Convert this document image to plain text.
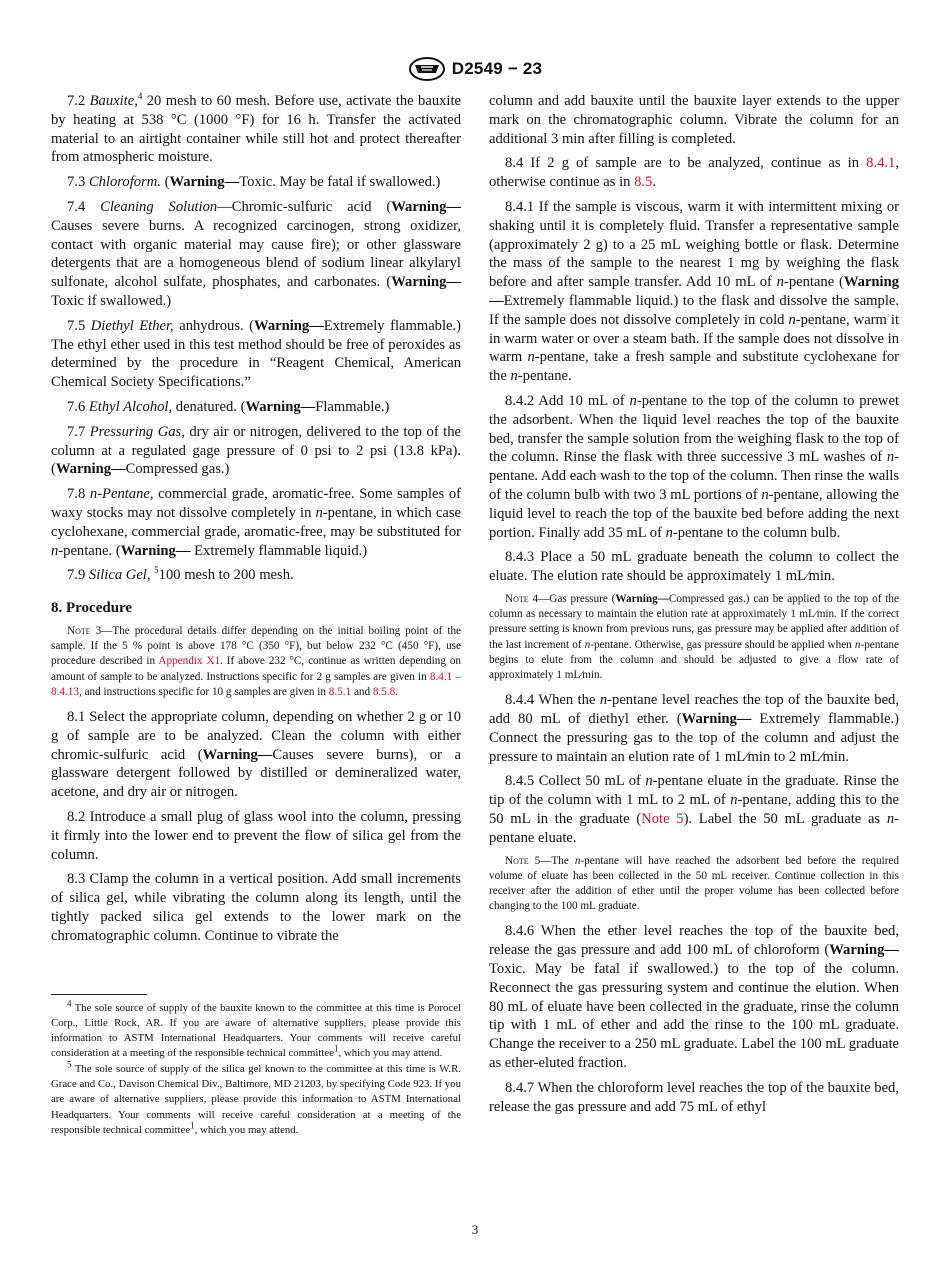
D2549 − 23

7.2 Bauxite,$^4$ 20 mesh to 60 mesh. Before use, activate the bauxite by heating at 538 °C (1000 °F) for 16 h. Transfer the activated material to an airtight container while still hot and protect thereafter from atmospheric moisture.

7.3 Chloroform. (Warning—Toxic. May be fatal if swallowed.)

7.4 Cleaning Solution—Chromic-sulfuric acid (Warning— Causes severe burns. A recognized carcinogen, strong oxidizer, contact with organic material may cause fire); or other glassware detergents that are a homogeneous blend of sodium linear alkylaryl sulfonate, alcohol sulfate, phosphates, and carbonates. (Warning—Toxic if swallowed.)

7.5 Diethyl Ether, anhydrous. (Warning—Extremely flammable.) The ethyl ether used in this test method should be free of peroxides as determined by the procedure in “Reagent Chemical, American Chemical Society Specifications.”

7.6 Ethyl Alcohol, denatured. (Warning—Flammable.)

7.7 Pressuring Gas, dry air or nitrogen, delivered to the top of the column at a regulated gage pressure of 0 psi to 2 psi (13.8 kPa). (Warning—Compressed gas.)

7.8 n-Pentane, commercial grade, aromatic-free. Some samples of waxy stocks may not dissolve completely in n-pentane, in which case cyclohexane, commercial grade, aromatic-free, may be substituted for n-pentane. (Warning— Extremely flammable liquid.)

7.9 Silica Gel, $^5$100 mesh to 200 mesh.

8. Procedure
Note 3—The procedural details differ depending on the initial boiling point of the sample. If the 5 % point is above 178 °C (350 °F), but below 232 °C (450 °F), use procedure described in Appendix X1. If above 232 °C, continue as written depending on amount of sample to be analyzed. Instructions specific for 2 g samples are given in 8.4.1 – 8.4.13, and instructions specific for 10 g samples are given in 8.5.1 and 8.5.8.

8.1 Select the appropriate column, depending on whether 2 g or 10 g of sample are to be analyzed. Clean the column with either chromic-sulfuric acid (Warning—Causes severe burns), or a glassware detergent followed by distilled or demineralized water, acetone, and dry air or nitrogen.

8.2 Introduce a small plug of glass wool into the column, pressing it firmly into the lower end to prevent the flow of silica gel from the column.

8.3 Clamp the column in a vertical position. Add small increments of silica gel, while vibrating the column along its length, until the tightly packed silica gel extends to the lower mark on the chromatographic column. Continue to vibrate the

$^4$ The sole source of supply of the bauxite known to the committee at this time is Porocel Corp., Little Rock, AR. If you are aware of alternative suppliers, please provide this information to ASTM International Headquarters. Your comments will receive careful consideration at a meeting of the responsible technical committee$^1$, which you may attend.

$^5$ The sole source of supply of the silica gel known to the committee at this time is W.R. Grace and Co., Davison Chemical Div., Baltimore, MD 21203, by specifying Code 923. If you are aware of alternative suppliers, please provide this information to ASTM International Headquarters. Your comments will receive careful consideration at a meeting of the responsible technical committee$^1$, which you may attend.

column and add bauxite until the bauxite layer extends to the upper mark on the chromatographic column. Vibrate the column for an additional 3 min after filling is completed.

8.4 If 2 g of sample are to be analyzed, continue as in 8.4.1, otherwise continue as in 8.5.

8.4.1 If the sample is viscous, warm it with intermittent mixing or shaking until it is completely fluid. Transfer a representative sample (approximately 2 g) to a 25 mL weighing bottle or flask. Determine the mass of the sample to the nearest 1 mg by weighing the flask before and after sample transfer. Add 10 mL of n-pentane (Warning—Extremely flammable liquid.) to the flask and dissolve the sample. If the sample does not dissolve completely in cold n-pentane, warm it in warm water or over a steam bath. If the sample does not dissolve in warm n-pentane, take a fresh sample and substitute cyclohexane for the n-pentane.

8.4.2 Add 10 mL of n-pentane to the top of the column to prewet the adsorbent. When the liquid level reaches the top of the bauxite bed, transfer the sample solution from the weighing flask to the top of the column. Rinse the flask with three successive 3 mL washes of n-pentane. Add each wash to the top of the column. Then rinse the walls of the column bulb with two 3 mL portions of n-pentane, allowing the liquid level to reach the top of the bauxite bed before adding the next portion. Finally add 35 mL of n-pentane to the column bulb.

8.4.3 Place a 50 mL graduate beneath the column to collect the eluate. The elution rate should be approximately 1 mL⁄min.

Note 4—Gas pressure (Warning—Compressed gas.) can be applied to the top of the column as necessary to maintain the elution rate at approximately 1 mL⁄min. If the correct pressure setting is known from previous runs, gas pressure may be applied after addition of the last increment of n-pentane. Otherwise, gas pressure should be applied when n-pentane begins to elute from the column and should be adjusted to give a flow rate of approximately 1 mL⁄min.

8.4.4 When the n-pentane level reaches the top of the bauxite bed, add 80 mL of diethyl ether. (Warning— Extremely flammable.) Connect the pressuring gas to the top of the column and adjust the pressure to maintain an elution rate of 1 mL⁄min to 2 mL⁄min.

8.4.5 Collect 50 mL of n-pentane eluate in the graduate. Rinse the tip of the column with 1 mL to 2 mL of n-pentane, adding this to the 50 mL in the graduate (Note 5). Label the 50 mL graduate as n-pentane eluate.

Note 5—The n-pentane will have reached the adsorbent bed before the required volume of eluate has been collected in the 50 mL receiver. Continue collection in this receiver after the addition of ether until the proper volume has been collected before changing to the 100 mL graduate.

8.4.6 When the ether level reaches the top of the bauxite bed, release the gas pressure and add 100 mL of chloroform (Warning—Toxic. May be fatal if swallowed.) to the top of the column. Reconnect the gas pressuring system and continue the elution. When 80 mL of eluate have been collected in the graduate, rinse the column tip with 1 mL of ether and add the rinse to the 100 mL graduate. Change the receiver to a 250 mL graduate. Label the 100 mL graduate as ether-eluted fraction.

8.4.7 When the chloroform level reaches the top of the bauxite bed, release the gas pressure and add 75 mL of ethyl

3
